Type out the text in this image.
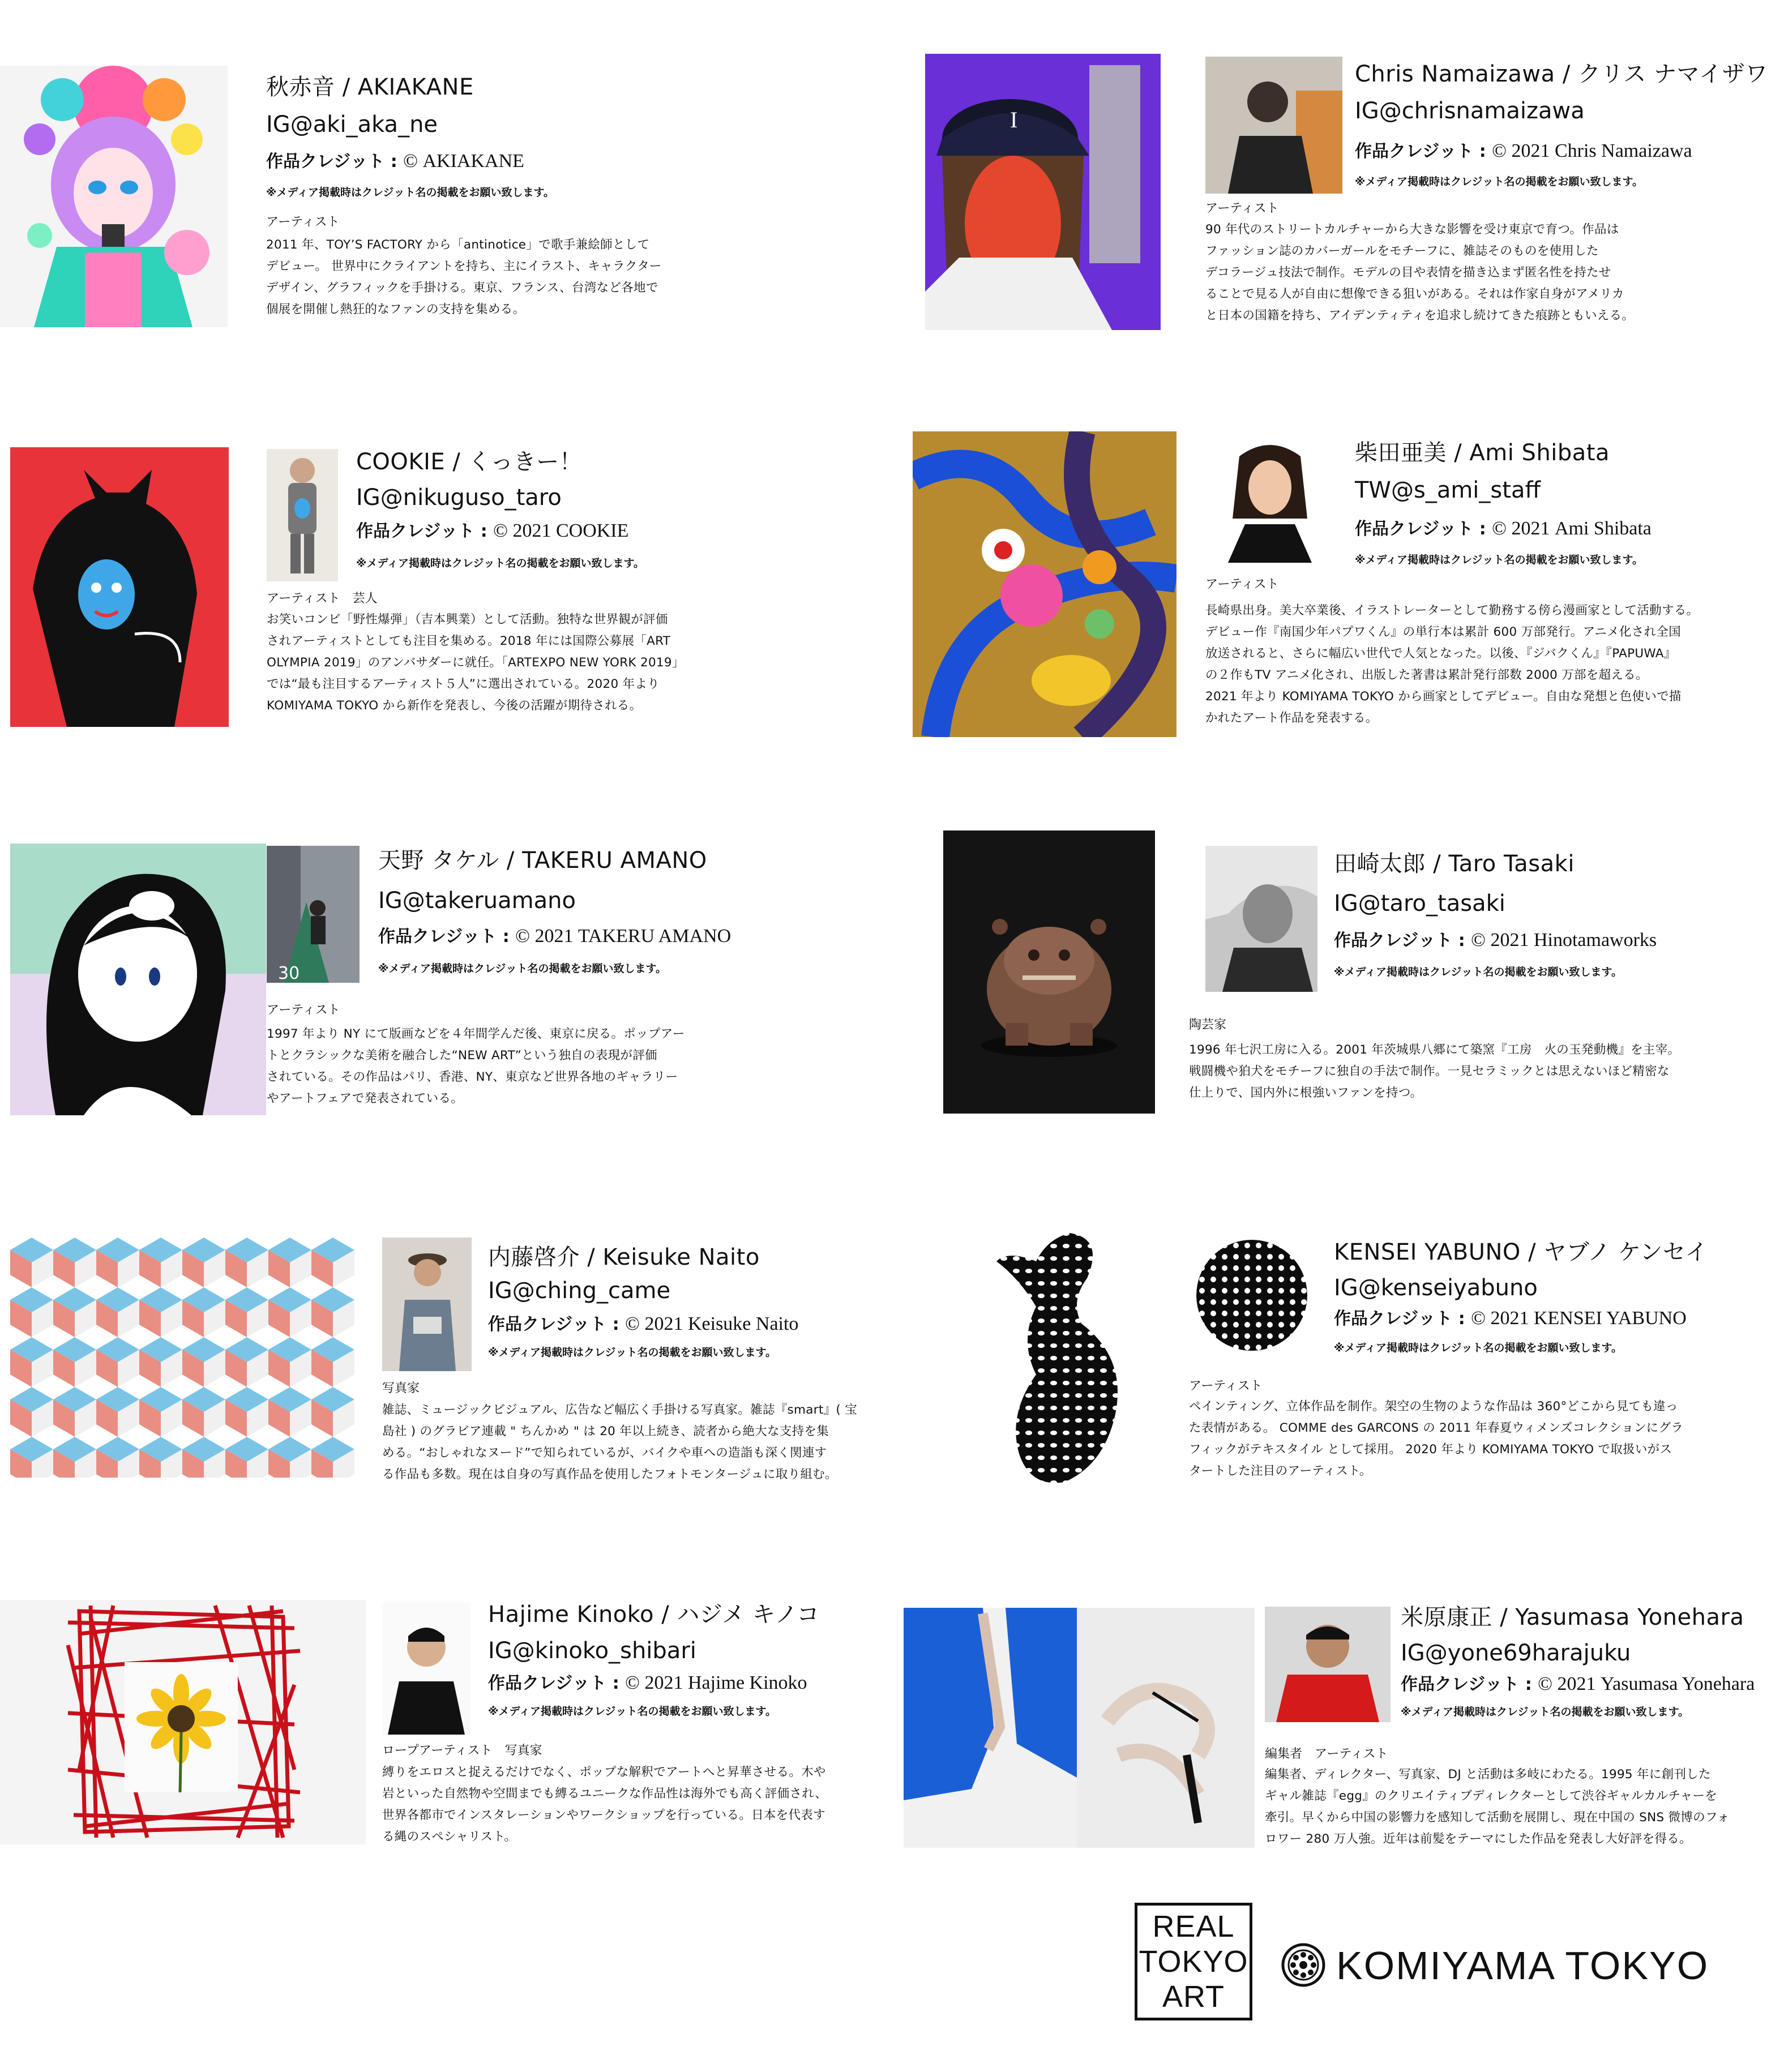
秋赤音 / AKIAKANE
IG@aki_aka_ne
作品クレジット : © AKIAKANE
※メディア掲載時はクレジット名の掲載をお願い致します。
アーティスト
2011 年、TOY’S FACTORY から「antinotice」で歌手兼絵師として
デビュー。 世界中にクライアントを持ち、主にイラスト、キャラクター
デザイン、グラフィックを手掛ける。東京、フランス、台湾など各地で
個展を開催し熱狂的なファンの支持を集める。
I
Chris Namaizawa / クリス ナマイザワ
IG@chrisnamaizawa
作品クレジット : © 2021 Chris Namaizawa
※メディア掲載時はクレジット名の掲載をお願い致します。
アーティスト
90 年代のストリートカルチャーから大きな影響を受け東京で育つ。作品は
ファッション誌のカバーガールをモチーフに、雑誌そのものを使用した
デコラージュ技法で制作。モデルの目や表情を描き込まず匿名性を持たせ
ることで見る人が自由に想像できる狙いがある。それは作家自身がアメリカ
と日本の国籍を持ち、アイデンティティを追求し続けてきた痕跡ともいえる。
COOKIE / くっきー！
IG@nikuguso_taro
作品クレジット : © 2021 COOKIE
※メディア掲載時はクレジット名の掲載をお願い致します。
アーティスト　芸人
お笑いコンビ「野性爆弾」（吉本興業）として活動。独特な世界観が評価
されアーティストとしても注目を集める。2018 年には国際公募展「ART
OLYMPIA 2019」のアンバサダーに就任。「ARTEXPO NEW YORK 2019」
では“最も注目するアーティスト５人”に選出されている。2020 年より
KOMIYAMA TOKYO から新作を発表し、今後の活躍が期待される。
柴田亜美 / Ami Shibata
TW@s_ami_staff
作品クレジット : © 2021 Ami Shibata
※メディア掲載時はクレジット名の掲載をお願い致します。
アーティスト
長崎県出身。美大卒業後、イラストレーターとして勤務する傍ら漫画家として活動する。
デビュー作『南国少年パプワくん』の単行本は累計 600 万部発行。アニメ化され全国
放送されると、さらに幅広い世代で人気となった。以後、『ジバクくん』『PAPUWA』
の２作もTV アニメ化され、出版した著書は累計発行部数 2000 万部を超える。
2021 年より KOMIYAMA TOKYO から画家としてデビュー。自由な発想と色使いで描
かれたアート作品を発表する。
30
天野 タケル / TAKERU AMANO
IG@takeruamano
作品クレジット : © 2021 TAKERU AMANO
※メディア掲載時はクレジット名の掲載をお願い致します。
アーティスト
1997 年より NY にて版画などを４年間学んだ後、東京に戻る。ポップアー
トとクラシックな美術を融合した“NEW ART”という独自の表現が評価
されている。その作品はパリ、香港、NY、東京など世界各地のギャラリー
やアートフェアで発表されている。
田崎太郎 / Taro Tasaki
IG@taro_tasaki
作品クレジット : © 2021 Hinotamaworks
※メディア掲載時はクレジット名の掲載をお願い致します。
陶芸家
1996 年七沢工房に入る。2001 年茨城県八郷にて築窯『工房　火の玉発動機』を主宰。
戦闘機や狛犬をモチーフに独自の手法で制作。一見セラミックとは思えないほど精密な
仕上りで、国内外に根強いファンを持つ。
内藤啓介 / Keisuke Naito
IG@ching_came
作品クレジット : © 2021 Keisuke Naito
※メディア掲載時はクレジット名の掲載をお願い致します。
写真家
雑誌、ミュージックビジュアル、広告など幅広く手掛ける写真家。雑誌『smart』( 宝
島社 ) のグラビア連載 " ちんかめ " は 20 年以上続き、読者から絶大な支持を集
める。“おしゃれなヌード”で知られているが、バイクや車への造詣も深く関連す
る作品も多数。現在は自身の写真作品を使用したフォトモンタージュに取り組む。
KENSEI YABUNO / ヤブノ ケンセイ
IG@kenseiyabuno
作品クレジット : © 2021 KENSEI YABUNO
※メディア掲載時はクレジット名の掲載をお願い致します。
アーティスト
ペインティング、立体作品を制作。架空の生物のような作品は 360°どこから見ても違っ
た表情がある。 COMME des GARCONS の 2011 年春夏ウィメンズコレクションにグラ
フィックがテキスタイル として採用。 2020 年より KOMIYAMA TOKYO で取扱いがス
タートした注目のアーティスト。
Hajime Kinoko / ハジメ キノコ
IG@kinoko_shibari
作品クレジット : © 2021 Hajime Kinoko
※メディア掲載時はクレジット名の掲載をお願い致します。
ロープアーティスト　写真家
縛りをエロスと捉えるだけでなく、ポップな解釈でアートへと昇華させる。木や
岩といった自然物や空間までも縛るユニークな作品性は海外でも高く評価され、
世界各都市でインスタレーションやワークショップを行っている。日本を代表す
る縄のスペシャリスト。
米原康正 / Yasumasa Yonehara
IG@yone69harajuku
作品クレジット : © 2021 Yasumasa Yonehara
※メディア掲載時はクレジット名の掲載をお願い致します。
編集者　アーティスト
編集者、ディレクター、写真家、DJ と活動は多岐にわたる。1995 年に創刊した
ギャル雑誌『egg』のクリエイティブディレクターとして渋谷ギャルカルチャーを
牽引。早くから中国の影響力を感知して活動を展開し、現在中国の SNS 微博のフォ
ロワー 280 万人強。近年は前髪をテーマにした作品を発表し大好評を得る。
REAL
TOKYO
ART
KOMIYAMA TOKYO
